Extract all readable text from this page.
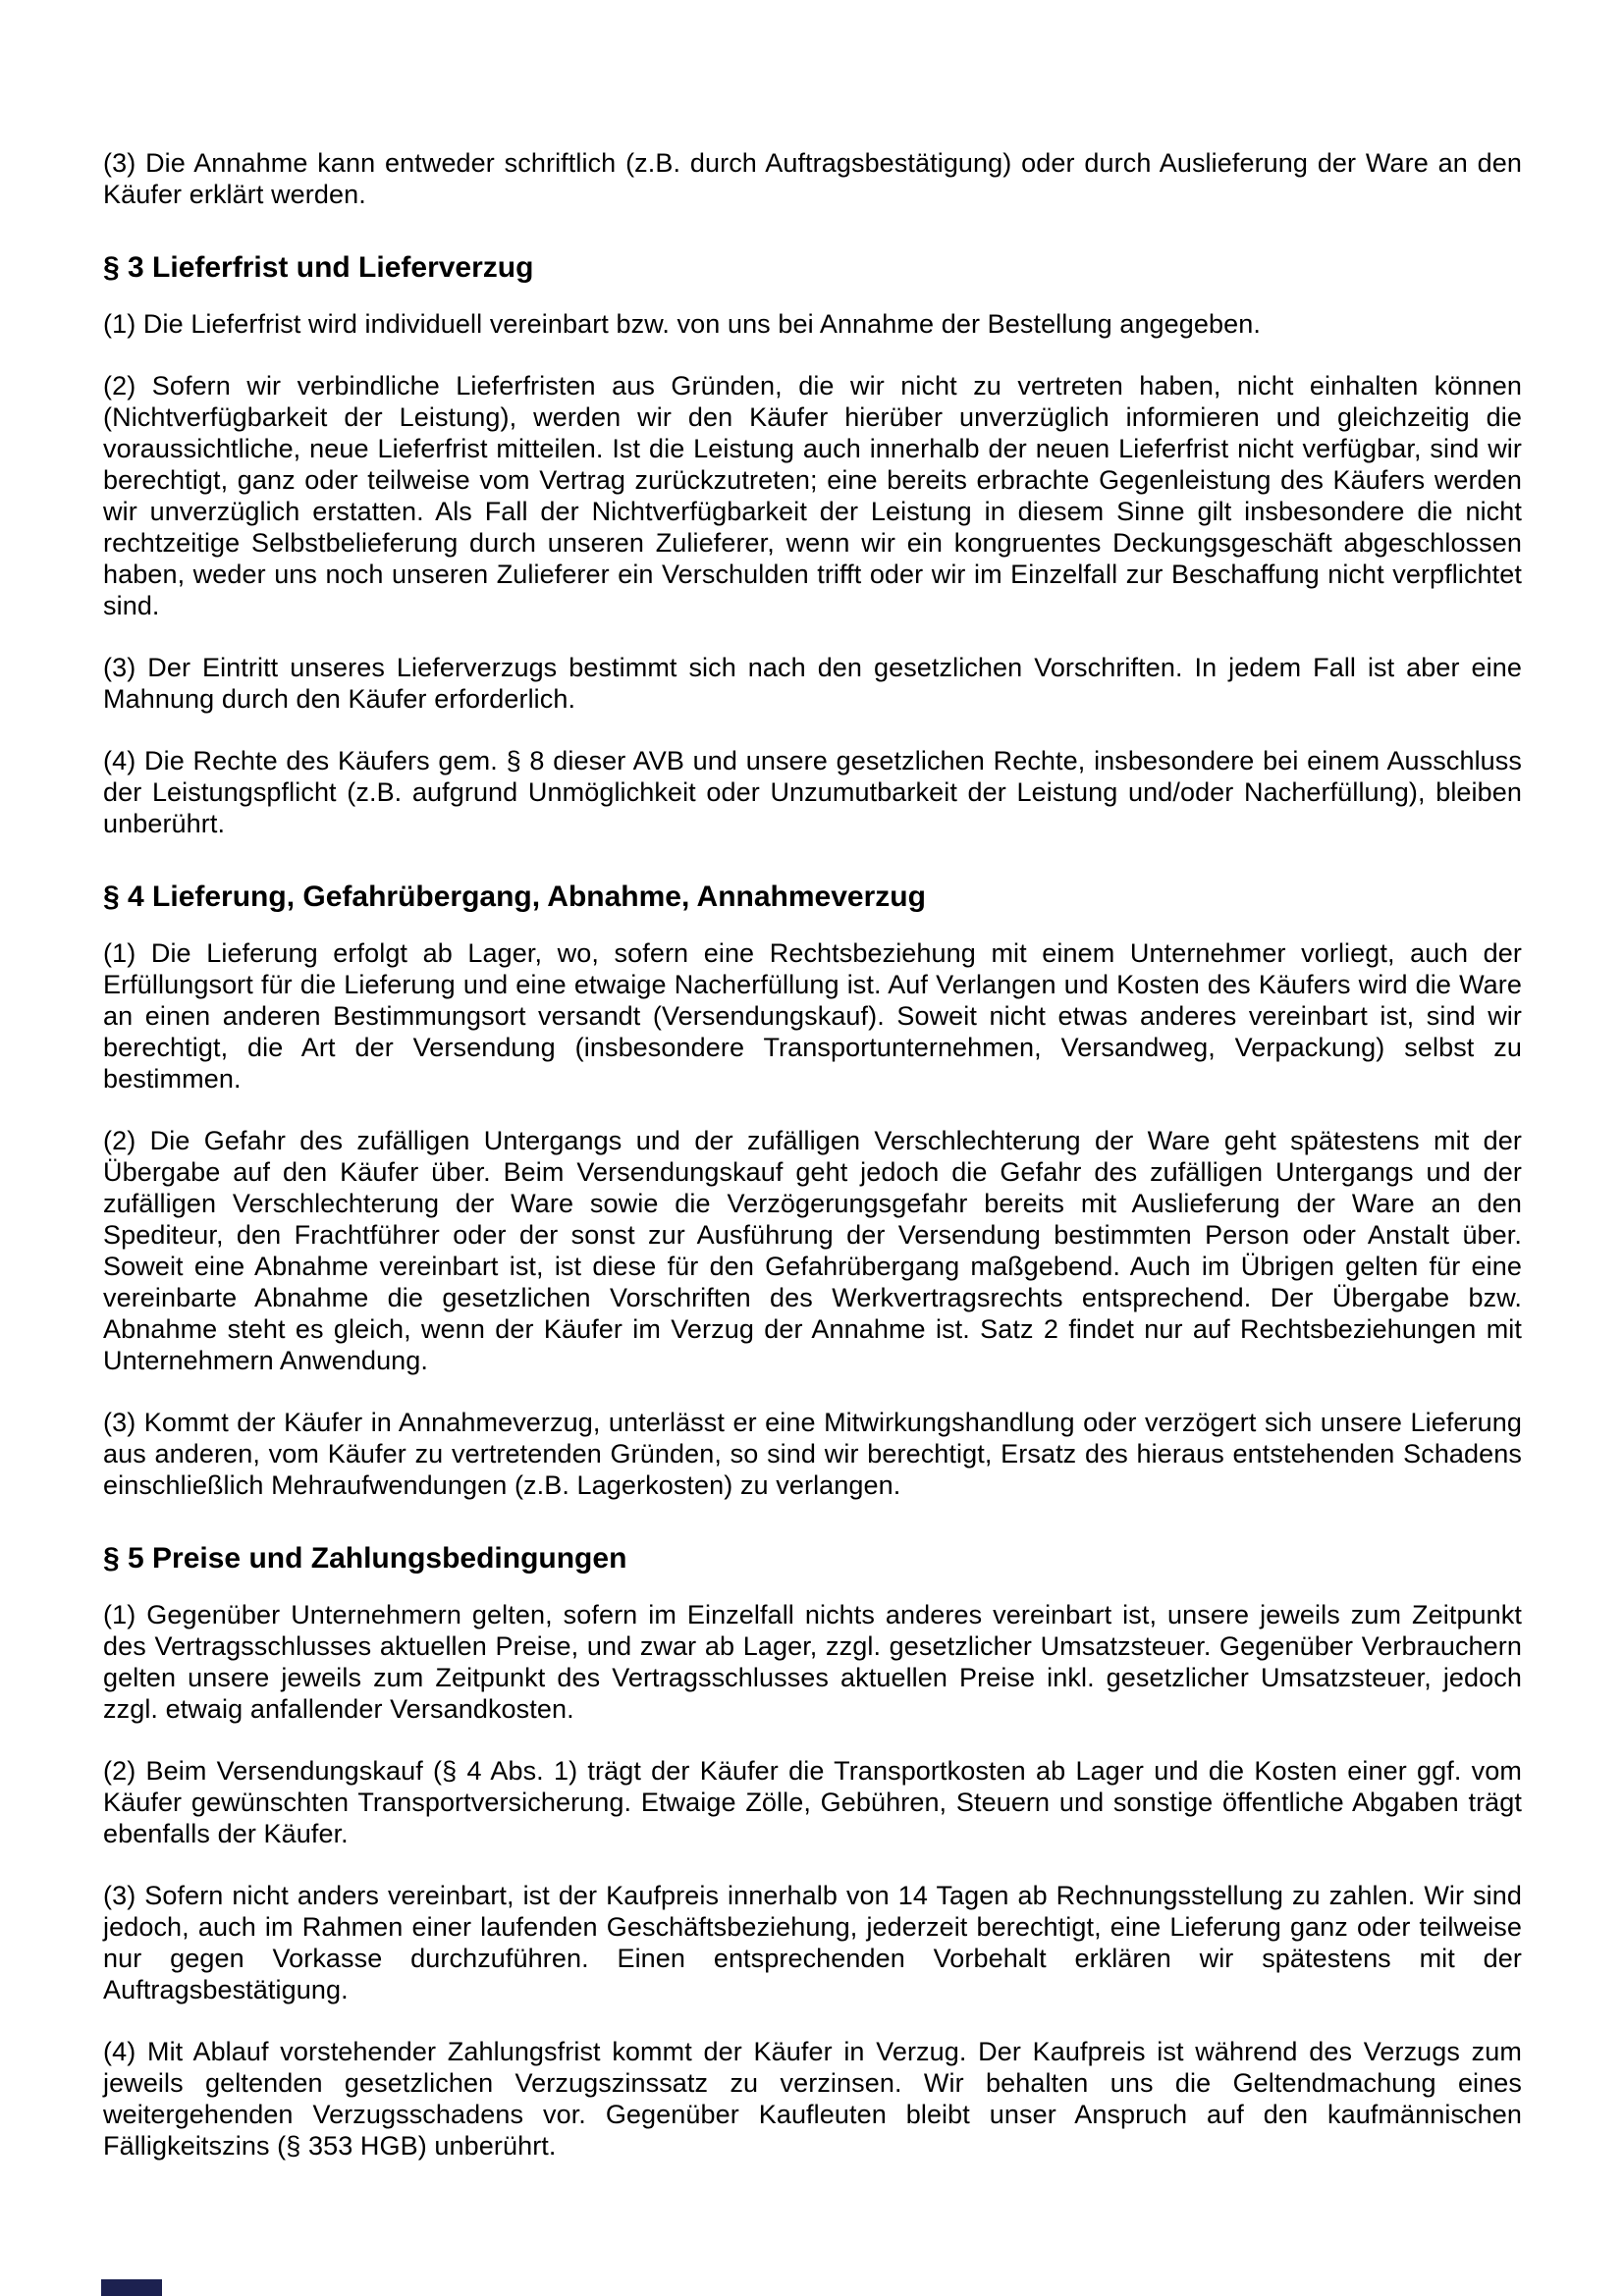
(3) Die Annahme kann entweder schriftlich (z.B. durch Auftragsbestätigung) oder durch Auslieferung der Ware an den Käufer erklärt werden.

§ 3 Lieferfrist und Lieferverzug

(1) Die Lieferfrist wird individuell vereinbart bzw. von uns bei Annahme der Bestellung angegeben.

(2) Sofern wir verbindliche Lieferfristen aus Gründen, die wir nicht zu vertreten haben, nicht einhalten können (Nichtverfügbarkeit der Leistung), werden wir den Käufer hierüber unverzüglich informieren und gleichzeitig die voraussichtliche, neue Lieferfrist mitteilen. Ist die Leistung auch innerhalb der neuen Lieferfrist nicht verfügbar, sind wir berechtigt, ganz oder teilweise vom Vertrag zurückzutreten; eine bereits erbrachte Gegenleistung des Käufers werden wir unverzüglich erstatten. Als Fall der Nichtverfügbarkeit der Leistung in diesem Sinne gilt insbesondere die nicht rechtzeitige Selbstbelieferung durch unseren Zulieferer, wenn wir ein kongruentes Deckungsgeschäft abgeschlossen haben, weder uns noch unseren Zulieferer ein Verschulden trifft oder wir im Einzelfall zur Beschaffung nicht verpflichtet sind.

(3) Der Eintritt unseres Lieferverzugs bestimmt sich nach den gesetzlichen Vorschriften. In jedem Fall ist aber eine Mahnung durch den Käufer erforderlich.

(4) Die Rechte des Käufers gem. § 8 dieser AVB und unsere gesetzlichen Rechte, insbesondere bei einem Ausschluss der Leistungspflicht (z.B. aufgrund Unmöglichkeit oder Unzumutbarkeit der Leistung und/oder Nacherfüllung), bleiben unberührt.

§ 4 Lieferung, Gefahrübergang, Abnahme, Annahmeverzug

(1) Die Lieferung erfolgt ab Lager, wo, sofern eine Rechtsbeziehung mit einem Unternehmer vorliegt, auch der Erfüllungsort für die Lieferung und eine etwaige Nacherfüllung ist. Auf Verlangen und Kosten des Käufers wird die Ware an einen anderen Bestimmungsort versandt (Versendungskauf). Soweit nicht etwas anderes vereinbart ist, sind wir berechtigt, die Art der Versendung (insbesondere Transportunternehmen, Versandweg, Verpackung) selbst zu bestimmen.

(2) Die Gefahr des zufälligen Untergangs und der zufälligen Verschlechterung der Ware geht spätestens mit der Übergabe auf den Käufer über. Beim Versendungskauf geht jedoch die Gefahr des zufälligen Untergangs und der zufälligen Verschlechterung der Ware sowie die Verzögerungsgefahr bereits mit Auslieferung der Ware an den Spediteur, den Frachtführer oder der sonst zur Ausführung der Versendung bestimmten Person oder Anstalt über. Soweit eine Abnahme vereinbart ist, ist diese für den Gefahrübergang maßgebend. Auch im Übrigen gelten für eine vereinbarte Abnahme die gesetzlichen Vorschriften des Werkvertragsrechts entsprechend. Der Übergabe bzw. Abnahme steht es gleich, wenn der Käufer im Verzug der Annahme ist. Satz 2 findet nur auf Rechtsbeziehungen mit Unternehmern Anwendung.

(3) Kommt der Käufer in Annahmeverzug, unterlässt er eine Mitwirkungshandlung oder verzögert sich unsere Lieferung aus anderen, vom Käufer zu vertretenden Gründen, so sind wir berechtigt, Ersatz des hieraus entstehenden Schadens einschließlich Mehraufwendungen (z.B. Lagerkosten) zu verlangen.

§ 5 Preise und Zahlungsbedingungen

(1) Gegenüber Unternehmern gelten, sofern im Einzelfall nichts anderes vereinbart ist, unsere jeweils zum Zeitpunkt des Vertragsschlusses aktuellen Preise, und zwar ab Lager, zzgl. gesetzlicher Umsatzsteuer. Gegenüber Verbrauchern gelten unsere jeweils zum Zeitpunkt des Vertragsschlusses aktuellen Preise inkl. gesetzlicher Umsatzsteuer, jedoch zzgl. etwaig anfallender Versandkosten.

(2) Beim Versendungskauf (§ 4 Abs. 1) trägt der Käufer die Transportkosten ab Lager und die Kosten einer ggf. vom Käufer gewünschten Transportversicherung. Etwaige Zölle, Gebühren, Steuern und sonstige öffentliche Abgaben trägt ebenfalls der Käufer.

(3) Sofern nicht anders vereinbart, ist der Kaufpreis innerhalb von 14 Tagen ab Rechnungsstellung zu zahlen. Wir sind jedoch, auch im Rahmen einer laufenden Geschäftsbeziehung, jederzeit berechtigt, eine Lieferung ganz oder teilweise nur gegen Vorkasse durchzuführen. Einen entsprechenden Vorbehalt erklären wir spätestens mit der Auftragsbestätigung.

(4) Mit Ablauf vorstehender Zahlungsfrist kommt der Käufer in Verzug. Der Kaufpreis ist während des Verzugs zum jeweils geltenden gesetzlichen Verzugszinssatz zu verzinsen. Wir behalten uns die Geltendmachung eines weitergehenden Verzugsschadens vor. Gegenüber Kaufleuten bleibt unser Anspruch auf den kaufmännischen Fälligkeitszins (§ 353 HGB) unberührt.
